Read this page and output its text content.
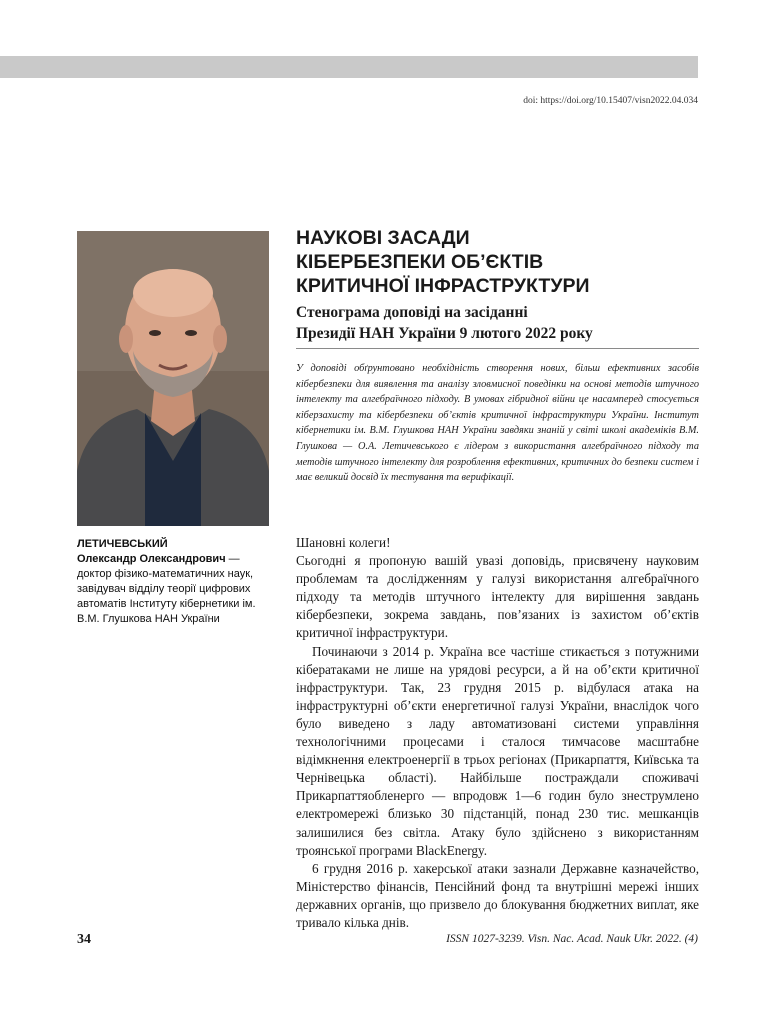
doi: https://doi.org/10.15407/visn2022.04.034
ЛЕТИЧЕВСЬКИЙ
Олександр Олександрович — доктор фізико-математичних наук, завідувач відділу теорії цифрових автоматів Інституту кібернетики ім. В.М. Глушкова НАН України
НАУКОВІ ЗАСАДИ
КІБЕРБЕЗПЕКИ ОБ’ЄКТІВ
КРИТИЧНОЇ ІНФРАСТРУКТУРИ
Стенограма доповіді на засіданні
Президії НАН України 9 лютого 2022 року

У доповіді обґрунтовано необхідність створення нових, більш ефективних засобів кібербезпеки для виявлення та аналізу зловмисної поведінки на основі методів штучного інтелекту та алгебраїчного підходу. В умовах гібридної війни це насамперед стосується кіберзахисту та кібербезпеки об’єктів критичної інфраструктури України. Інститут кібернетики ім. В.М. Глушкова НАН України завдяки знаній у світі школі академіків В.М. Глушкова — О.А. Летичевського є лідером з використання алгебраїчного підходу та методів штучного інтелекту для розроблення ефективних, критичних до безпеки систем і має великий досвід їх тестування та верифікації.

Шановні колеги!

Сьогодні я пропоную вашій увазі доповідь, присвячену науковим проблемам та дослідженням у галузі використання алгебраїчного підходу та методів штучного інтелекту для вирішення завдань кібербезпеки, зокрема завдань, пов’язаних із захистом об’єктів критичної інфраструктури.

Починаючи з 2014 р. Україна все частіше стикається з потужними кібератаками не лише на урядові ресурси, а й на об’єкти критичної інфраструктури. Так, 23 грудня 2015 р. відбулася атака на інфраструктурні об’єкти енергетичної галузі України, внаслідок чого було виведено з ладу автоматизовані системи управління технологічними процесами і сталося тимчасове масштабне відімкнення електроенергії в трьох регіонах (Прикарпаття, Київська та Чернівецька області). Найбільше постраждали споживачі Прикарпаттяобленерго — впродовж 1—6 годин було знеструмлено електромережі близько 30 підстанцій, понад 230 тис. мешканців залишилися без світла. Атаку було здійснено з використанням троянської програми BlackEnergy.

6 грудня 2016 р. хакерської атаки зазнали Державне казначейство, Міністерство фінансів, Пенсійний фонд та внутрішні мережі інших державних органів, що призвело до блокування бюджетних виплат, яке тривало кілька днів.

34	ISSN 1027-3239. Visn. Nac. Acad. Nauk Ukr. 2022. (4)
